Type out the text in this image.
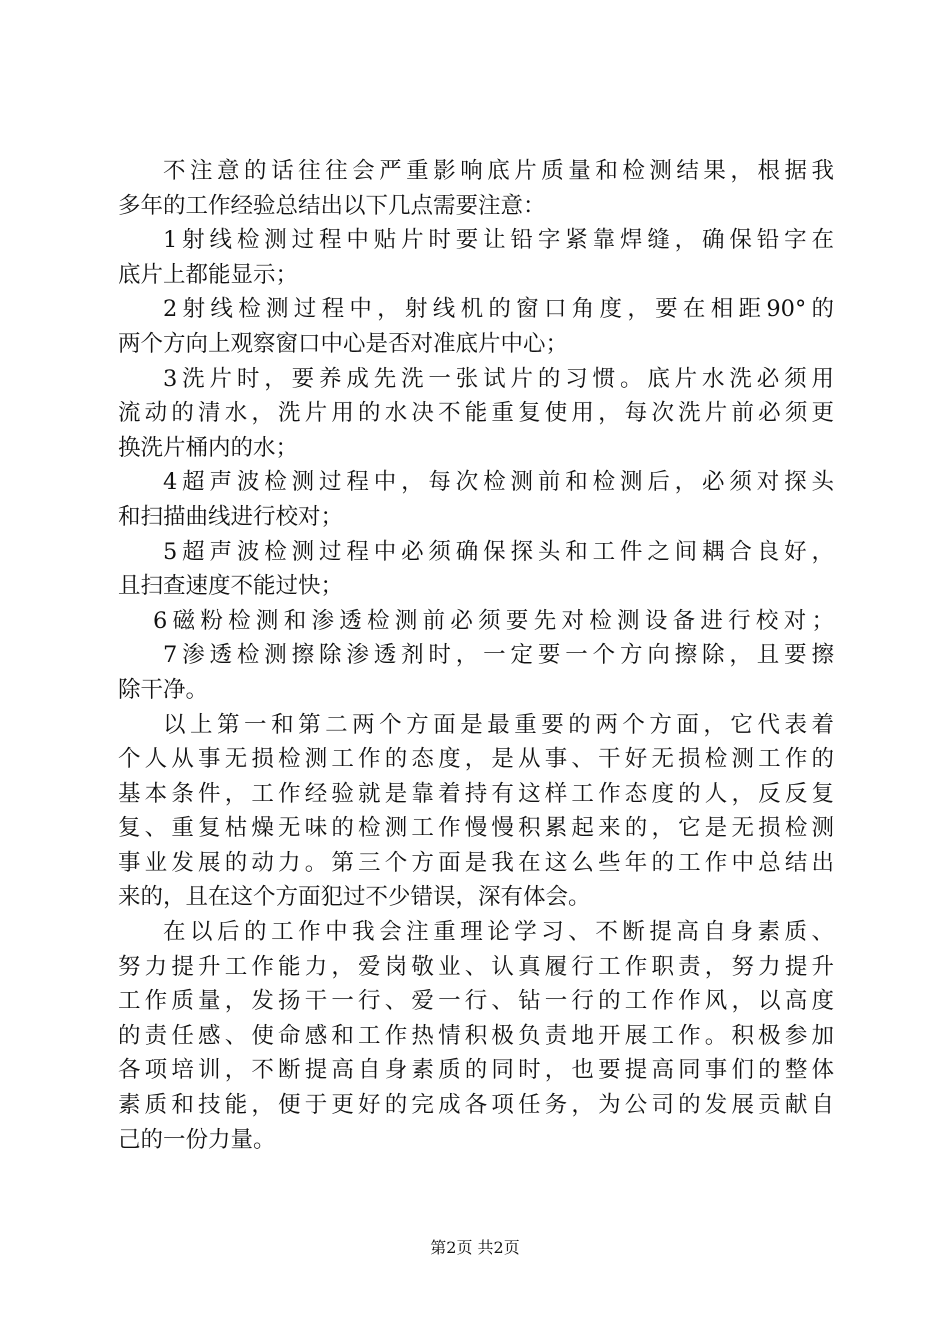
不注意的话往往会严重影响底片质量和检测结果，根据我
多年的工作经验总结出以下几点需要注意：
1射线检测过程中贴片时要让铅字紧靠焊缝，确保铅字在
底片上都能显示；
2射线检测过程中，射线机的窗口角度，要在相距90°的
两个方向上观察窗口中心是否对准底片中心；
3洗片时，要养成先洗一张试片的习惯。底片水洗必须用
流动的清水，洗片用的水决不能重复使用，每次洗片前必须更
换洗片桶内的水；
4超声波检测过程中，每次检测前和检测后，必须对探头
和扫描曲线进行校对；
5超声波检测过程中必须确保探头和工件之间耦合良好，
且扫查速度不能过快；
6磁粉检测和渗透检测前必须要先对检测设备进行校对；
7渗透检测擦除渗透剂时，一定要一个方向擦除，且要擦
除干净。
以上第一和第二两个方面是最重要的两个方面，它代表着
个人从事无损检测工作的态度，是从事、干好无损检测工作的
基本条件，工作经验就是靠着持有这样工作态度的人，反反复
复、重复枯燥无味的检测工作慢慢积累起来的，它是无损检测
事业发展的动力。第三个方面是我在这么些年的工作中总结出
来的，且在这个方面犯过不少错误，深有体会。
在以后的工作中我会注重理论学习、不断提高自身素质、
努力提升工作能力，爱岗敬业、认真履行工作职责，努力提升
工作质量，发扬干一行、爱一行、钻一行的工作作风，以高度
的责任感、使命感和工作热情积极负责地开展工作。积极参加
各项培训，不断提高自身素质的同时，也要提高同事们的整体
素质和技能，便于更好的完成各项任务，为公司的发展贡献自
己的一份力量。
第2页 共2页
